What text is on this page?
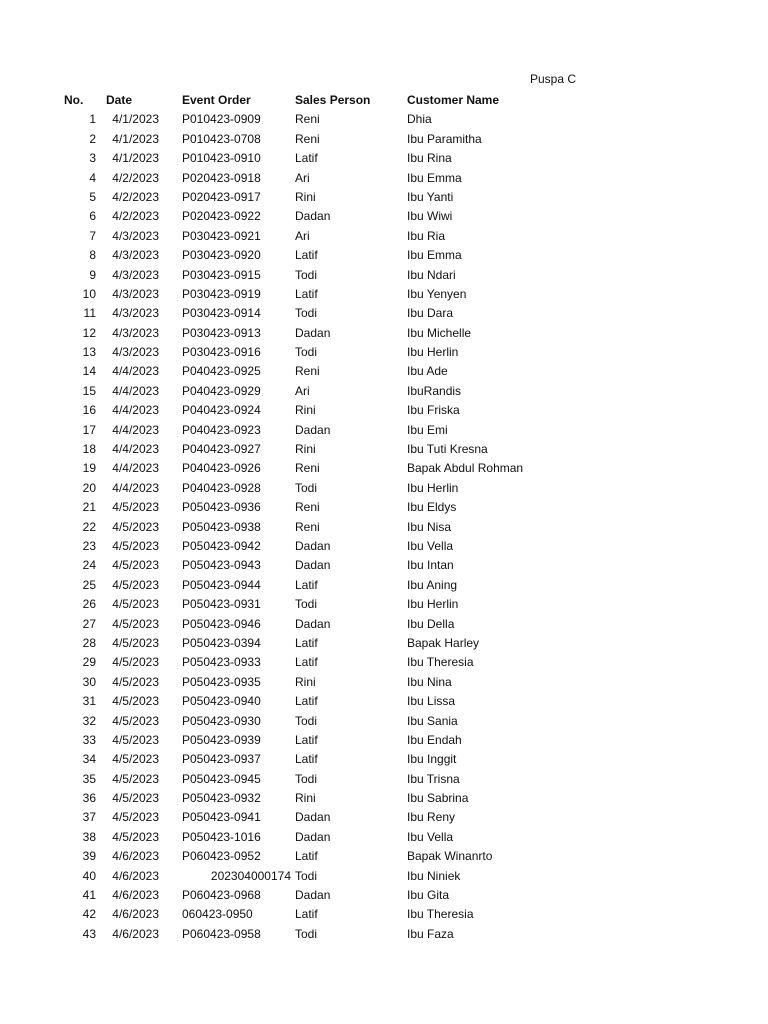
Puspa C
No. Date	Event Order	Sales Person	Customer Name
1	4/1/2023 P010423-0909	Reni	Dhia
2	4/1/2023 P010423-0708	Reni	Ibu Paramitha
3	4/1/2023 P010423-0910	Latif	Ibu Rina
4	4/2/2023 P020423-0918	Ari	Ibu Emma
5	4/2/2023 P020423-0917	Rini	Ibu Yanti
6	4/2/2023 P020423-0922	Dadan	Ibu Wiwi
7	4/3/2023 P030423-0921	Ari	Ibu Ria
8	4/3/2023 P030423-0920	Latif	Ibu Emma
9	4/3/2023 P030423-0915	Todi	Ibu Ndari
10	4/3/2023 P030423-0919	Latif	Ibu Yenyen
11	4/3/2023 P030423-0914	Todi	Ibu Dara
12	4/3/2023 P030423-0913	Dadan	Ibu Michelle
13	4/3/2023 P030423-0916	Todi	Ibu Herlin
14	4/4/2023 P040423-0925	Reni	Ibu Ade
15	4/4/2023 P040423-0929	Ari	IbuRandis
16	4/4/2023 P040423-0924	Rini	Ibu Friska
17	4/4/2023 P040423-0923	Dadan	Ibu Emi
18	4/4/2023 P040423-0927	Rini	Ibu Tuti Kresna
19	4/4/2023 P040423-0926	Reni	Bapak Abdul Rohman
20	4/4/2023 P040423-0928	Todi	Ibu Herlin
21	4/5/2023 P050423-0936	Reni	Ibu Eldys
22	4/5/2023 P050423-0938	Reni	Ibu Nisa
23	4/5/2023 P050423-0942	Dadan	Ibu Vella
24	4/5/2023 P050423-0943	Dadan	Ibu Intan
25	4/5/2023 P050423-0944	Latif	Ibu Aning
26	4/5/2023 P050423-0931	Todi	Ibu Herlin
27	4/5/2023 P050423-0946	Dadan	Ibu Della
28	4/5/2023 P050423-0394	Latif	Bapak Harley
29	4/5/2023 P050423-0933	Latif	Ibu Theresia
30	4/5/2023 P050423-0935	Rini	Ibu Nina
31	4/5/2023 P050423-0940	Latif	Ibu Lissa
32	4/5/2023 P050423-0930	Todi	Ibu Sania
33	4/5/2023 P050423-0939	Latif	Ibu Endah
34	4/5/2023 P050423-0937	Latif	Ibu Inggit
35	4/5/2023 P050423-0945	Todi	Ibu Trisna
36	4/5/2023 P050423-0932	Rini	Ibu Sabrina
37	4/5/2023 P050423-0941	Dadan	Ibu Reny
38	4/5/2023 P050423-1016	Dadan	Ibu Vella
39	4/6/2023 P060423-0952	Latif	Bapak Winanrto
40	4/6/2023	202304000174 Todi	Ibu Niniek
41	4/6/2023 P060423-0968	Dadan	Ibu Gita
42	4/6/2023 060423-0950	Latif	Ibu Theresia
43	4/6/2023 P060423-0958	Todi	Ibu Faza
